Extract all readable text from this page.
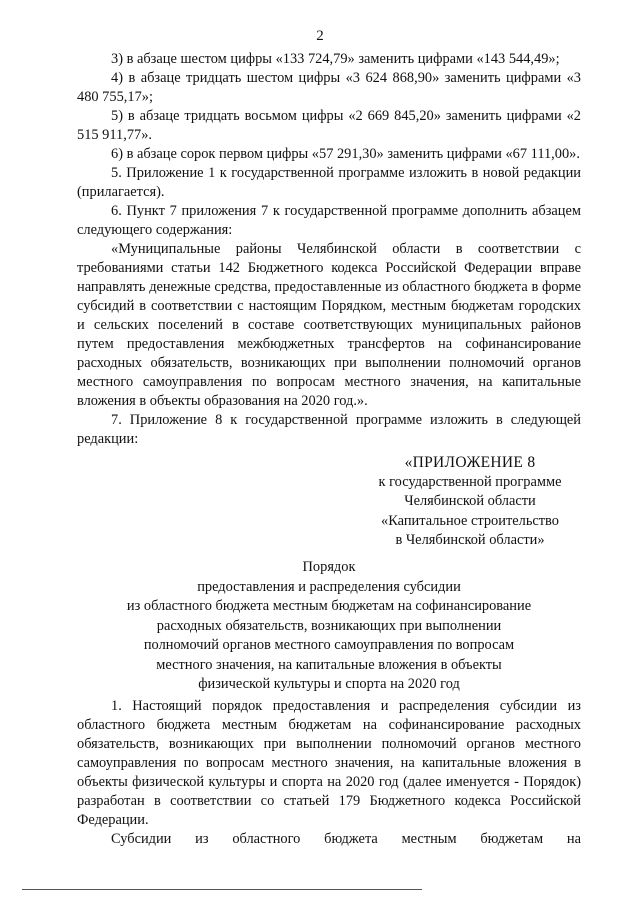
2

3) в абзаце шестом цифры «133 724,79» заменить цифрами «143 544,49»;

4) в абзаце тридцать шестом цифры «3 624 868,90» заменить цифрами «3 480 755,17»;

5) в абзаце тридцать восьмом цифры «2 669 845,20» заменить цифрами «2 515 911,77».

6) в абзаце сорок первом цифры «57 291,30» заменить цифрами «67 111,00».

5. Приложение 1 к государственной программе изложить в новой редакции (прилагается).

6. Пункт 7 приложения 7 к государственной программе дополнить абзацем следующего содержания:

«Муниципальные районы Челябинской области в соответствии с требованиями статьи 142 Бюджетного кодекса Российской Федерации вправе направлять денежные средства, предоставленные из областного бюджета в форме субсидий в соответствии с настоящим Порядком, местным бюджетам городских и сельских поселений в составе соответствующих муниципальных районов путем предоставления межбюджетных трансфертов на софинансирование расходных обязательств, возникающих при выполнении полномочий органов местного самоуправления по вопросам местного значения, на капитальные вложения в объекты образования на 2020 год.».

7. Приложение 8 к государственной программе изложить в следующей редакции:

«ПРИЛОЖЕНИЕ 8
к государственной программе
Челябинской области
«Капитальное строительство
в Челябинской области»
Порядок
предоставления и распределения субсидии
из областного бюджета местным бюджетам на софинансирование
расходных обязательств, возникающих при выполнении
полномочий органов местного самоуправления по вопросам
местного значения, на капитальные вложения в объекты
физической культуры и спорта на 2020 год

1. Настоящий порядок предоставления и распределения субсидии из областного бюджета местным бюджетам на софинансирование расходных обязательств, возникающих при выполнении полномочий органов местного самоуправления по вопросам местного значения, на капитальные вложения в объекты физической культуры и спорта на 2020 год (далее именуется - Порядок) разработан в соответствии со статьей 179 Бюджетного кодекса Российской Федерации.

Субсидии из областного бюджета местным бюджетам на
